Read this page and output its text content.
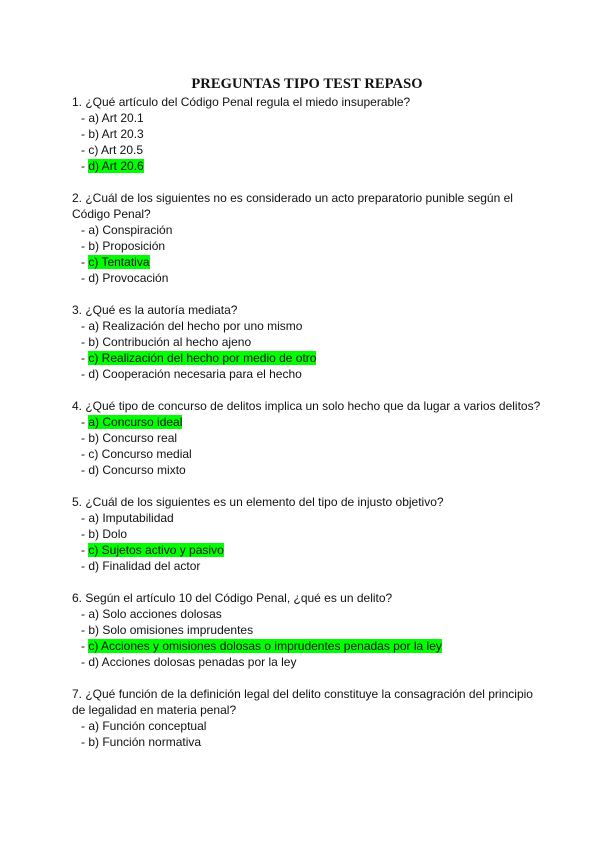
PREGUNTAS TIPO TEST REPASO

1. ¿Qué artículo del Código Penal regula el miedo insuperable?

- a) Art 20.1
- b) Art 20.3
- c) Art 20.5
- d) Art 20.6

2. ¿Cuál de los siguientes no es considerado un acto preparatorio punible según el Código Penal?

- a) Conspiración
- b) Proposición
- c) Tentativa
- d) Provocación

3. ¿Qué es la autoría mediata?

- a) Realización del hecho por uno mismo
- b) Contribución al hecho ajeno
- c) Realización del hecho por medio de otro
- d) Cooperación necesaria para el hecho

4. ¿Qué tipo de concurso de delitos implica un solo hecho que da lugar a varios delitos?

- a) Concurso ideal
- b) Concurso real
- c) Concurso medial
- d) Concurso mixto

5. ¿Cuál de los siguientes es un elemento del tipo de injusto objetivo?

- a) Imputabilidad
- b) Dolo
- c) Sujetos activo y pasivo
- d) Finalidad del actor

6. Según el artículo 10 del Código Penal, ¿qué es un delito?

- a) Solo acciones dolosas
- b) Solo omisiones imprudentes
- c) Acciones y omisiones dolosas o imprudentes penadas por la ley
- d) Acciones dolosas penadas por la ley

7. ¿Qué función de la definición legal del delito constituye la consagración del principio de legalidad en materia penal?

- a) Función conceptual
- b) Función normativa
